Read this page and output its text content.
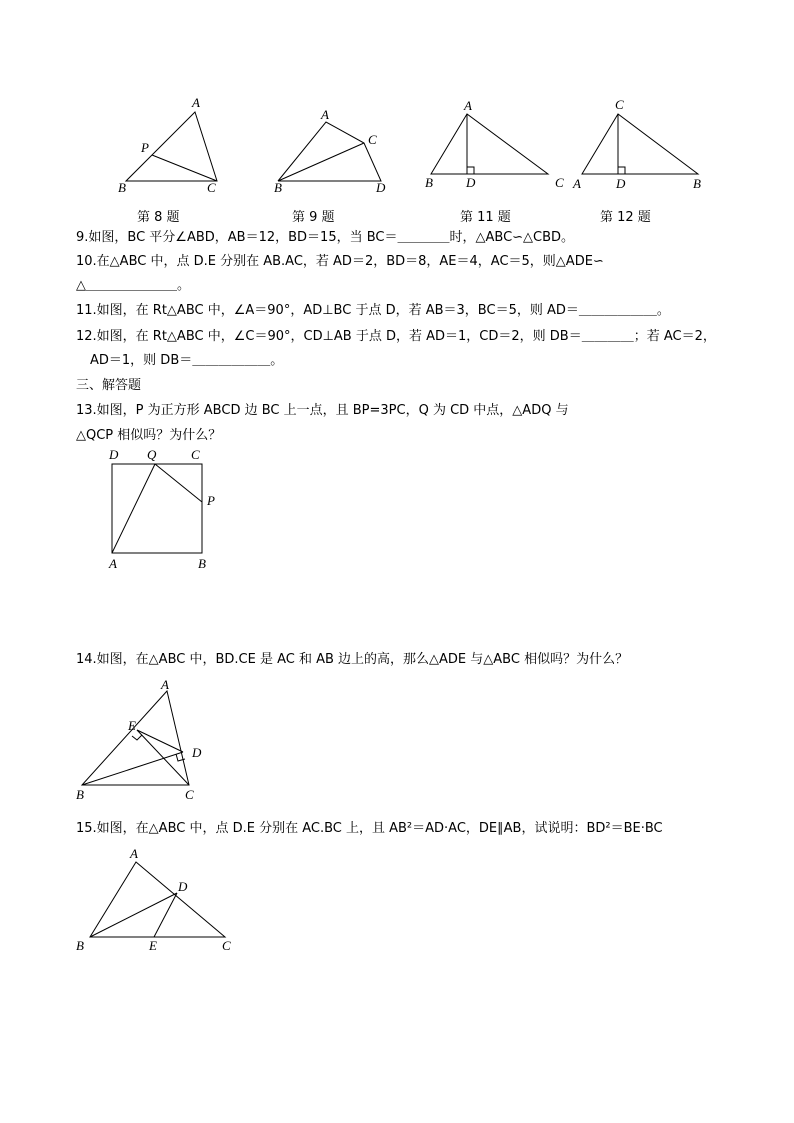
A
P
B	C
A
C
B	D
A
B	D	C
C
A	D	B
第 8 题	第 9 题	第 11 题	第 12 题
9.如图，BC 平分∠ABD，AB＝12，BD＝15，当 BC＝＿＿＿＿时，△ABC∽△CBD。
10.在△ABC 中，点 D.E 分别在 AB.AC，若 AD＝2，BD＝8，AE＝4，AC＝5，则△ADE∽
△＿＿＿＿＿＿＿。
11.如图，在 Rt△ABC 中，∠A＝90°，AD⊥BC 于点 D，若 AB＝3，BC＝5，则 AD＝＿＿＿＿＿＿。
12.如图，在 Rt△ABC 中，∠C＝90°，CD⊥AB 于点 D，若 AD＝1，CD＝2，则 DB＝＿＿＿＿；若 AC＝2，
AD＝1，则 DB＝＿＿＿＿＿＿。
三、解答题
13.如图，P 为正方形 ABCD 边 BC 上一点，且 BP=3PC，Q 为 CD 中点，△ADQ 与
△QCP 相似吗？为什么？
D Q	C
P
A	B
14.如图，在△ABC 中，BD.CE 是 AC 和 AB 边上的高，那么△ADE 与△ABC 相似吗？为什么？
A
E
D
B	C
15.如图，在△ABC 中，点 D.E 分别在 AC.BC 上，且 AB²＝AD·AC，DE∥AB，试说明：BD²＝BE·BC
A
D
B	E	C
